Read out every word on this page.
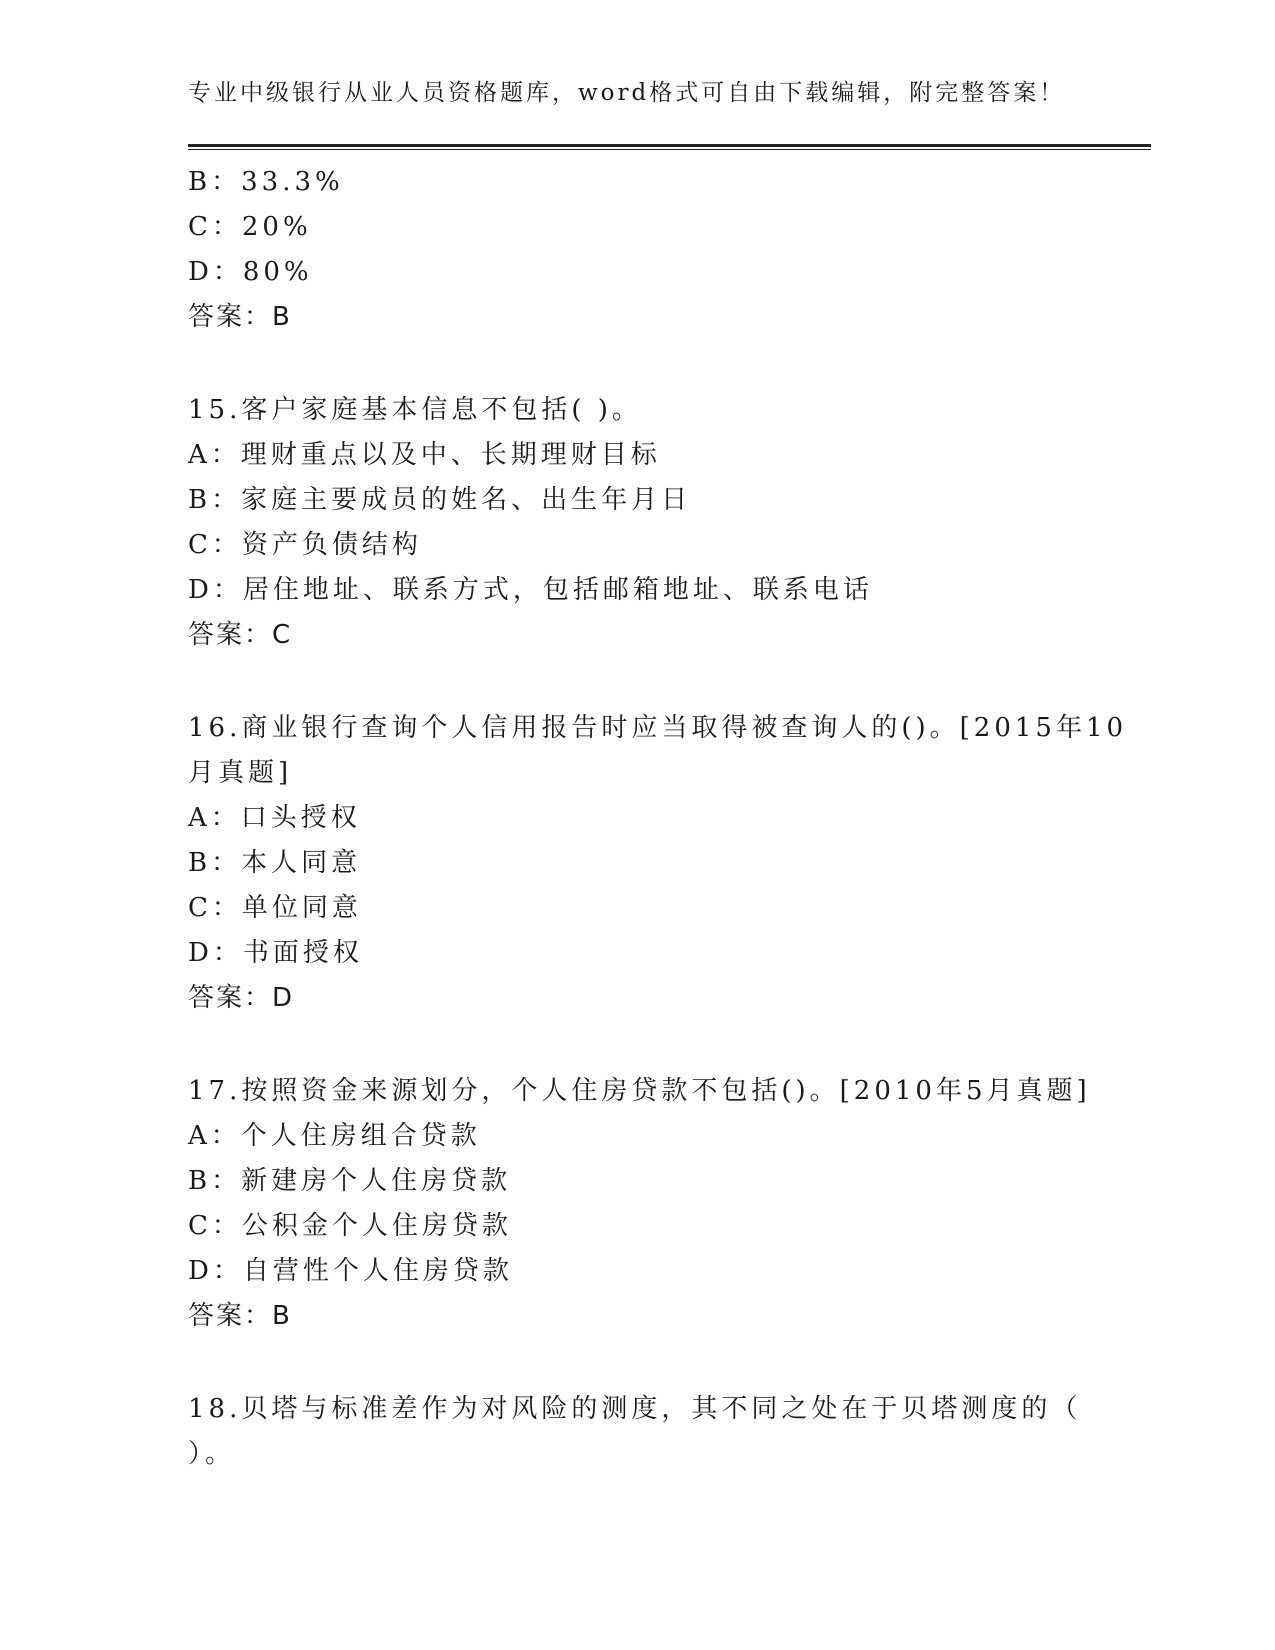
专业中级银行从业人员资格题库，word格式可自由下载编辑，附完整答案！
B：33.3%
C：20%
D：80%
答案：B
15.客户家庭基本信息不包括( )。
A：理财重点以及中、长期理财目标
B：家庭主要成员的姓名、出生年月日
C：资产负债结构
D：居住地址、联系方式，包括邮箱地址、联系电话
答案：C
16.商业银行查询个人信用报告时应当取得被查询人的()。[2015年10
月真题]
A：口头授权
B：本人同意
C：单位同意
D：书面授权
答案：D
17.按照资金来源划分，个人住房贷款不包括()。[2010年5月真题]
A：个人住房组合贷款
B：新建房个人住房贷款
C：公积金个人住房贷款
D：自营性个人住房贷款
答案：B
18.贝塔与标准差作为对风险的测度，其不同之处在于贝塔测度的（
）。
